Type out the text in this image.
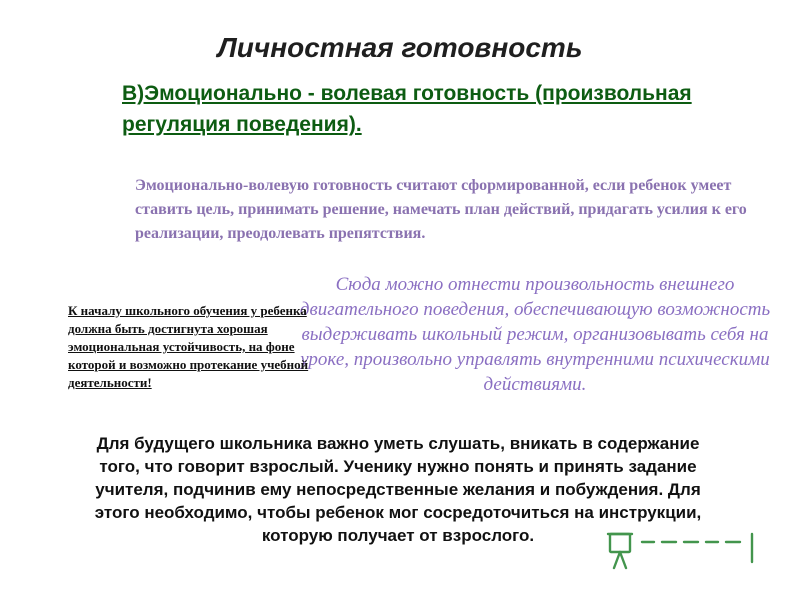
Личностная готовность
В)Эмоционально - волевая готовность (произвольная регуляция поведения).
Эмоционально-волевую готовность считают сформированной, если ребенок умеет ставить цель, принимать решение, намечать план действий, придагать усилия к его реализации, преодолевать препятствия.
Сюда можно отнести произвольность внешнего двигательного поведения, обеспечивающую возможность выдерживать школьный режим, организовывать себя на уроке, произвольно управлять внутренними психическими действиями.
К началу школьного обучения у ребенка должна быть достигнута хорошая эмоциональная устойчивость, на фоне которой и возможно протекание учебной деятельности!
Для будущего школьника важно уметь слушать, вникать в содержание того, что говорит взрослый. Ученику нужно понять и принять задание учителя, подчинив ему непосредственные желания и побуждения. Для этого необходимо, чтобы ребенок мог сосредоточиться на инструкции, которую получает от взрослого.
